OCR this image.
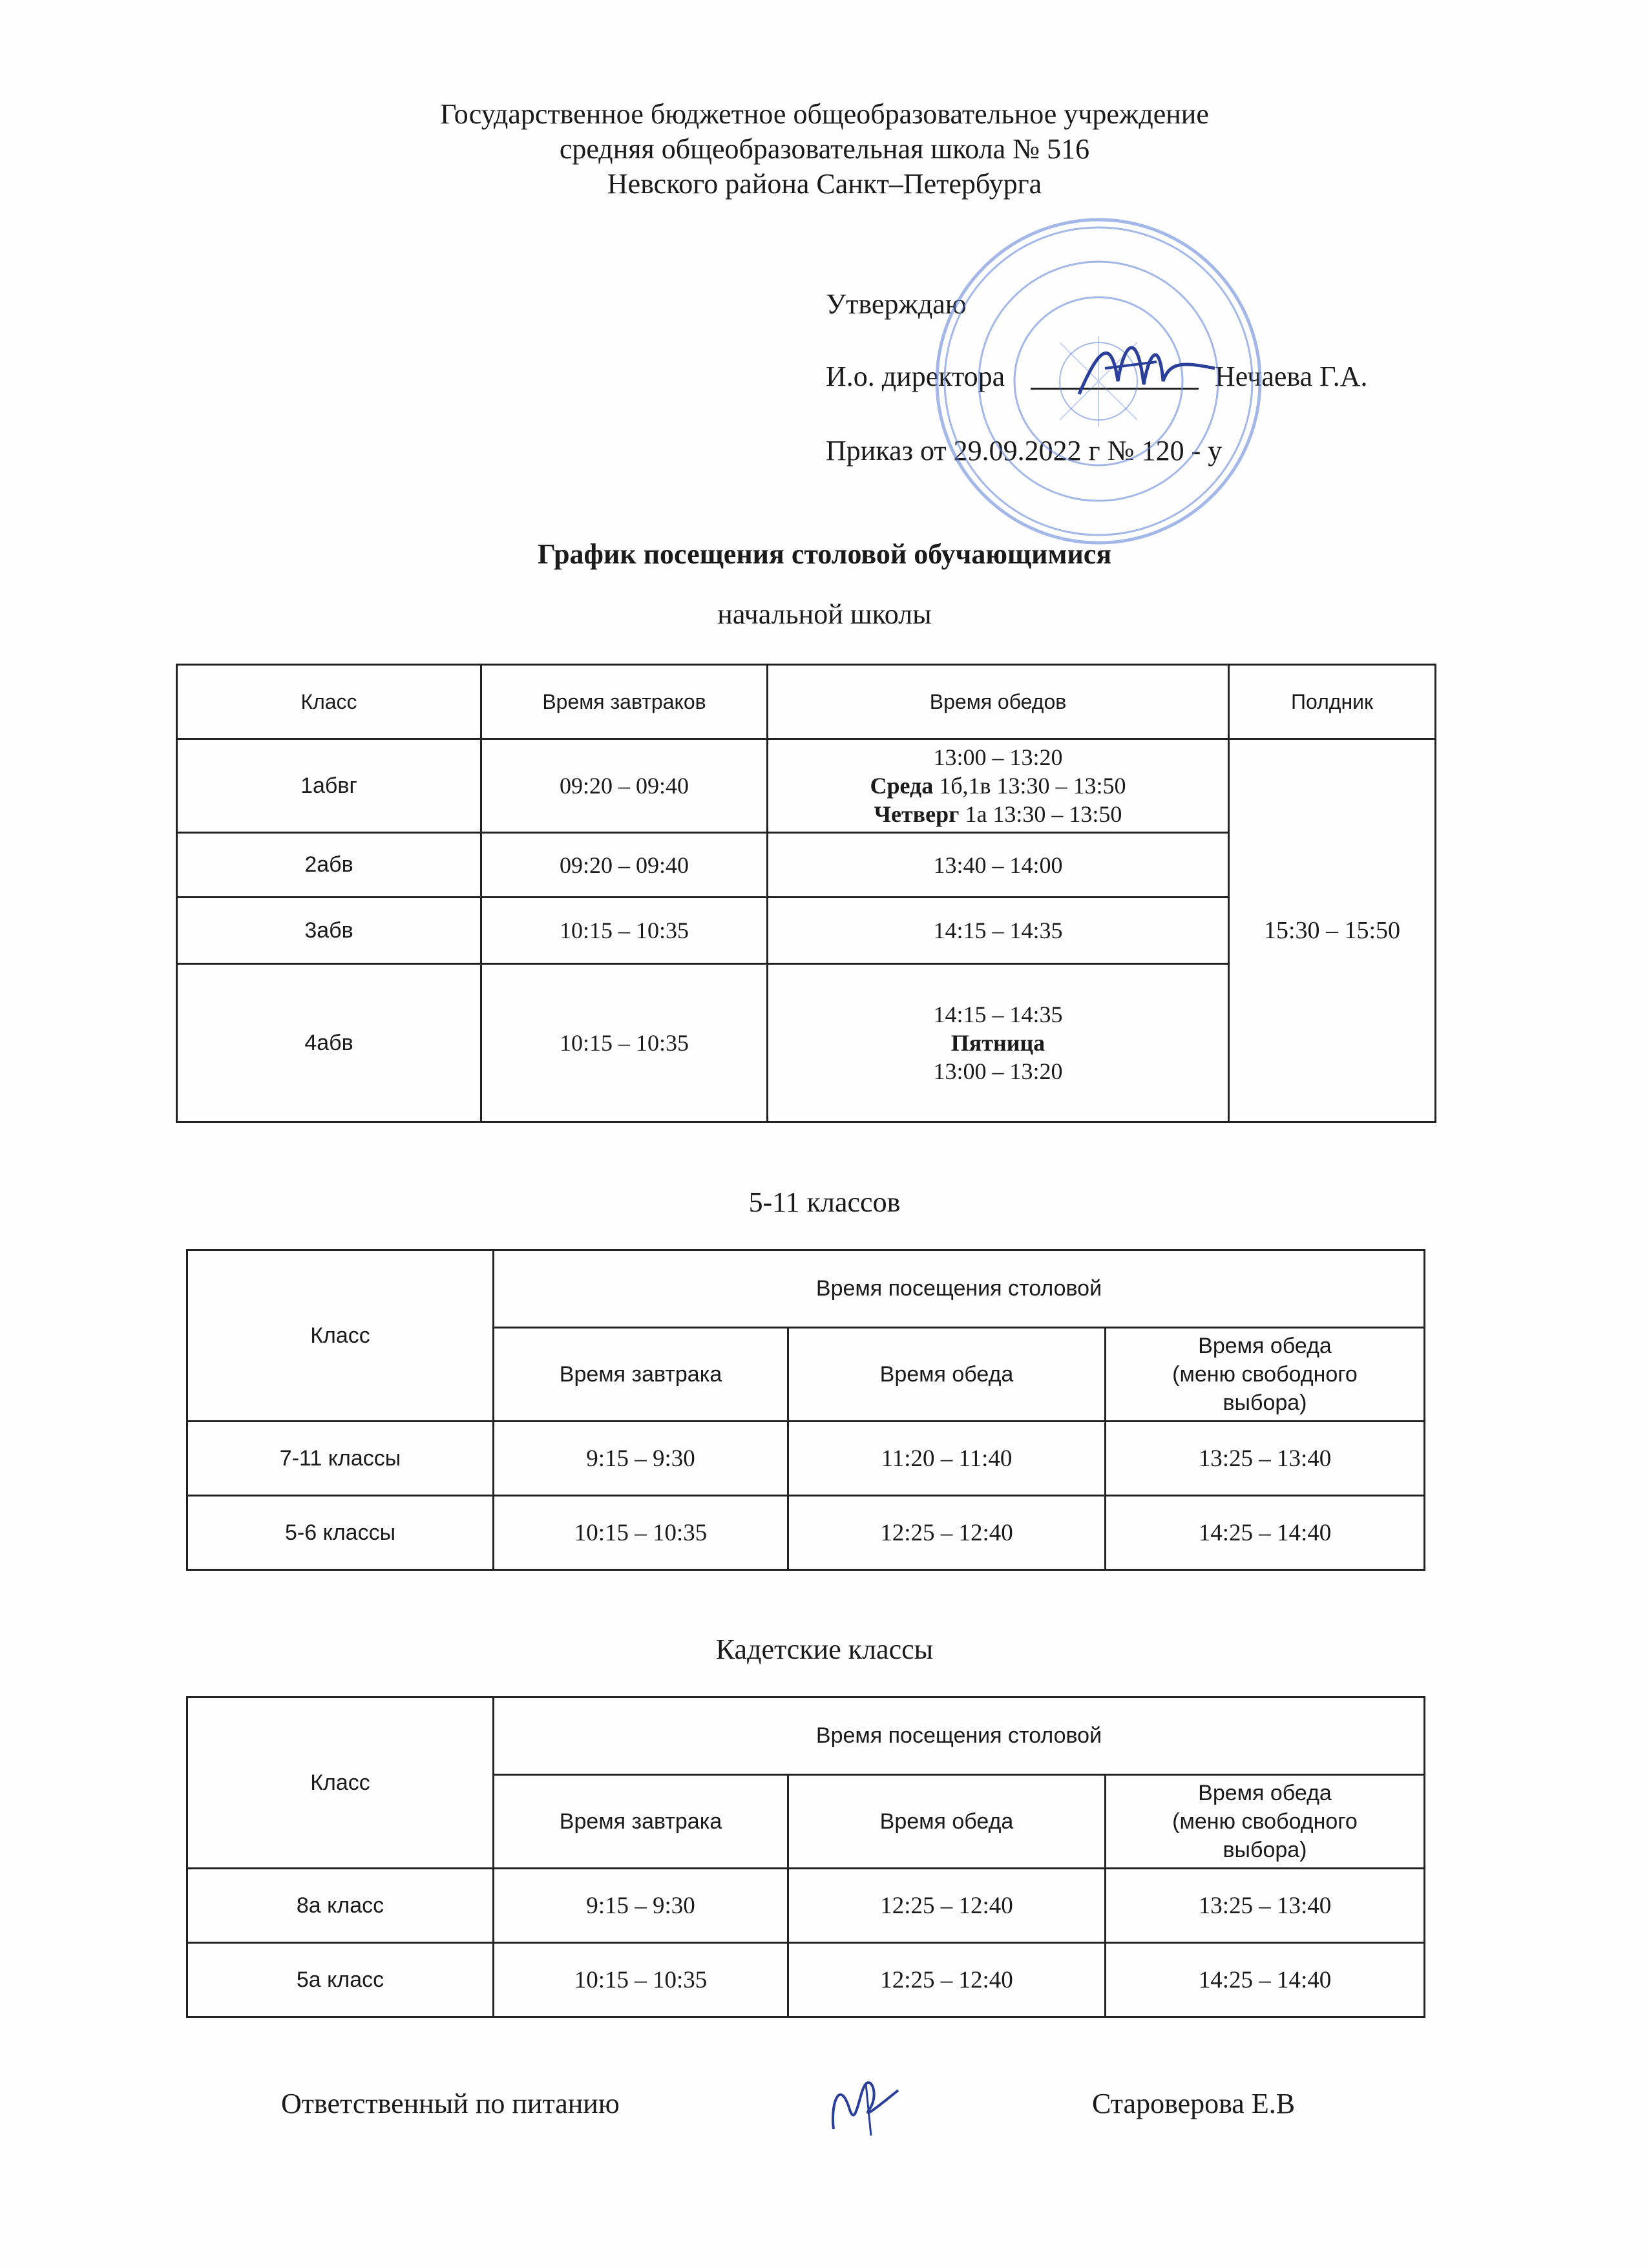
Государственное бюджетное общеобразовательное учреждение
средняя общеобразовательная школа № 516
Невского района Санкт–Петербурга
Утверждаю
И.о. директора	Нечаева Г.А.
Приказ от 29.09.2022 г № 120 - у
График посещения столовой обучающимися
начальной школы
Класс	Время завтраков	Время обедов	Полдник
1абвг	09:20 – 09:40	13:00 – 13:20
Среда 1б,1в 13:30 – 13:50
Четверг 1а 13:30 – 13:50	15:30 – 15:50
2абв	09:20 – 09:40	13:40 – 14:00	
3абв	10:15 – 10:35	14:15 – 14:35	
4абв	10:15 – 10:35	14:15 – 14:35
Пятница
13:00 – 13:20	
5-11 классов
Класс	Время посещения столовой		
	Время завтрака	Время обеда	Время обеда
(меню свободного
выбора)

7-11 классы	9:15 – 9:30	11:20 – 11:40	13:25 – 13:40
5-6 классы	10:15 – 10:35	12:25 – 12:40	14:25 – 14:40
Кадетские классы
Класс	Время посещения столовой		
	Время завтрака	Время обеда	Время обеда
(меню свободного
выбора)

8а класс	9:15 – 9:30	12:25 – 12:40	13:25 – 13:40
5а класс	10:15 – 10:35	12:25 – 12:40	14:25 – 14:40
Ответственный по питанию	Староверова Е.В
